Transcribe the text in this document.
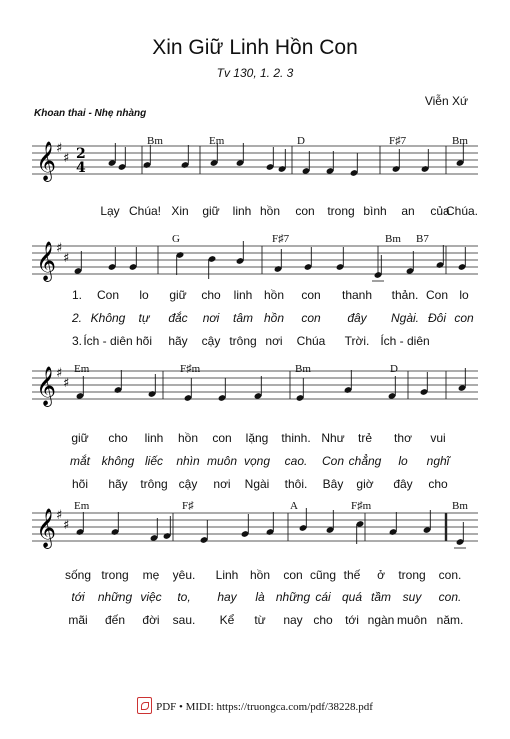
Xin Giữ Linh Hồn Con
Tv 130, 1. 2. 3
Viễn Xứ
Khoan thai - Nhẹ nhàng
Bm	Em	D	F♯7	Bm
𝄞 ♯
♯ 2
4
Lạy Chúa! Xin giữ linh hồn con trong bình an của
Chúa.
G	F♯7	Bm B7
𝄞 ♯
♯
1. Con lo giữ cho linh hồn con thanh thản. Con lo
2. Không tự đắc nơi tâm hồn con đây Ngài. Đôi con
3. Ích - diên hõi hãy cậy trông nơi Chúa Trời. Ích - diên
Em	F♯m	Bm	D
𝄞 ♯
♯
giữ cho linh hồn con lặng thinh. Như trẻ thơ vui
mắt không liếc nhìn muôn vọng cao. Con chẳng lo nghĩ
hõi hãy trông cậy nơi Ngài thôi. Bây giờ đây cho
Em	F♯	A	F♯m	Bm
𝄞 ♯
♯
sống trong mẹ yêu. Linh hồn con cũng thế ở trong con.
tới những việc to, hay là những cái quá tầm suy con.
mãi đến đời sau. Kể từ nay cho tới ngàn muôn năm.
PDF • MIDI: https://truongca.com/pdf/38228.pdf
